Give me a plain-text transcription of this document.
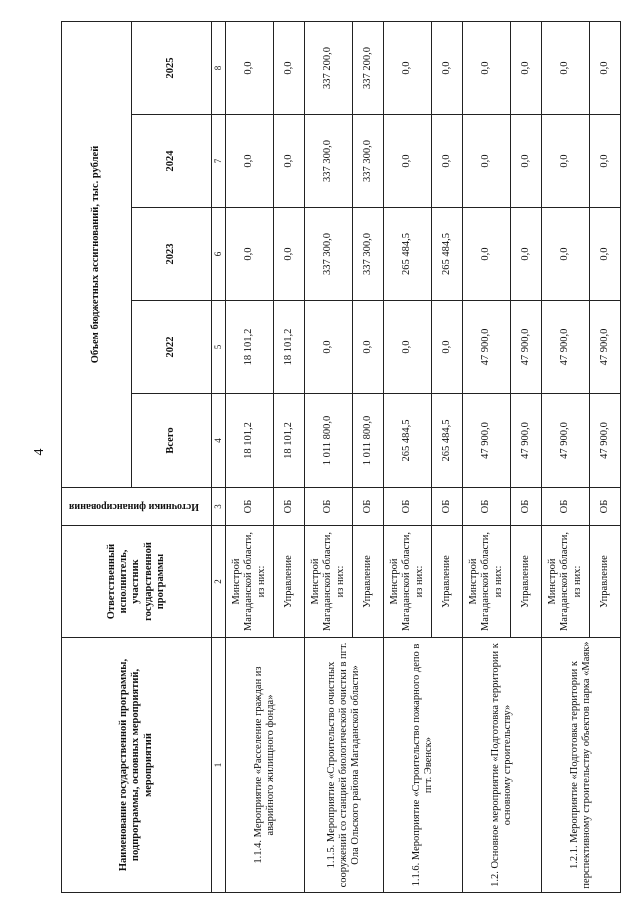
4
Наименование государственной программы, подпрограммы, основных мероприятий, мероприятий	Ответственный исполнитель, участник государственной программы	Источники финансирования	Объем бюджетных ассигнований, тыс. рублей				
			Всего	2022	2023	2024	2025
1	2	3	4	5	6	7	8
1.1.4. Мероприятие «Расселение граждан из аварийного жилищного фонда»	Минстрой Магаданской области, из них:	ОБ	18 101,2	18 101,2	0,0	0,0	0,0
	Управление	ОБ	18 101,2	18 101,2	0,0	0,0	0,0
1.1.5. Мероприятие «Строительство очистных сооружений со станцией биологической очистки в пгт. Ола Ольского района Магаданской области»	Минстрой Магаданской области, из них:	ОБ	1 011 800,0	0,0	337 300,0	337 300,0	337 200,0
	Управление	ОБ	1 011 800,0	0,0	337 300,0	337 300,0	337 200,0
1.1.6. Мероприятие «Строительство пожарного депо в пгт. Эвенск»	Минстрой Магаданской области, из них:	ОБ	265 484,5	0,0	265 484,5	0,0	0,0
	Управление	ОБ	265 484,5	0,0	265 484,5	0,0	0,0
1.2. Основное мероприятие «Подготовка территории к основному строительству»	Минстрой Магаданской области, из них:	ОБ	47 900,0	47 900,0	0,0	0,0	0,0
	Управление	ОБ	47 900,0	47 900,0	0,0	0,0	0,0
1.2.1. Мероприятие «Подготовка территории к перспективному строительству объектов парка «Маяк»	Минстрой Магаданской области, из них:	ОБ	47 900,0	47 900,0	0,0	0,0	0,0
	Управление	ОБ	47 900,0	47 900,0	0,0	0,0	0,0
